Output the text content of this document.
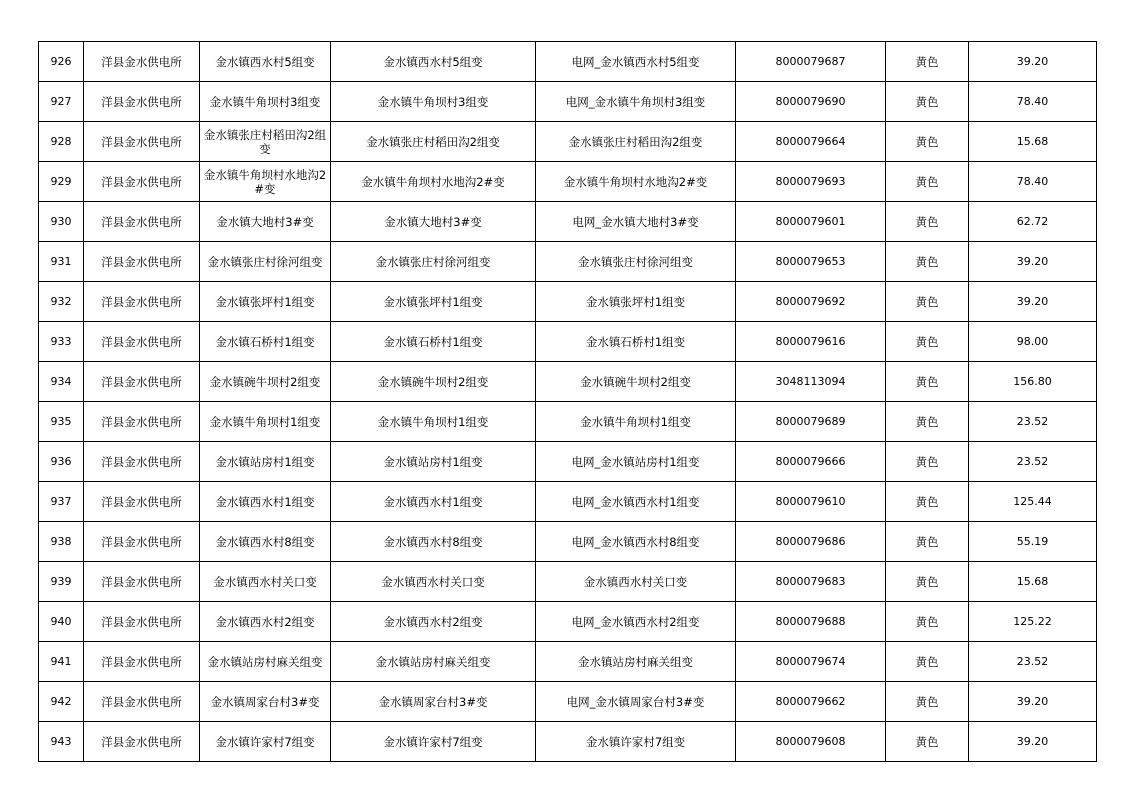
926	洋县金水供电所	金水镇西水村5组变	金水镇西水村5组变	电网_金水镇西水村5组变	8000079687	黄色	39.20
927	洋县金水供电所	金水镇牛角坝村3组变	金水镇牛角坝村3组变	电网_金水镇牛角坝村3组变	8000079690	黄色	78.40
928	洋县金水供电所	金水镇张庄村稻田沟2组变	金水镇张庄村稻田沟2组变	金水镇张庄村稻田沟2组变	8000079664	黄色	15.68
929	洋县金水供电所	金水镇牛角坝村水地沟2#变	金水镇牛角坝村水地沟2#变	金水镇牛角坝村水地沟2#变	8000079693	黄色	78.40
930	洋县金水供电所	金水镇大地村3#变	金水镇大地村3#变	电网_金水镇大地村3#变	8000079601	黄色	62.72
931	洋县金水供电所	金水镇张庄村徐河组变	金水镇张庄村徐河组变	金水镇张庄村徐河组变	8000079653	黄色	39.20
932	洋县金水供电所	金水镇张坪村1组变	金水镇张坪村1组变	金水镇张坪村1组变	8000079692	黄色	39.20
933	洋县金水供电所	金水镇石桥村1组变	金水镇石桥村1组变	金水镇石桥村1组变	8000079616	黄色	98.00
934	洋县金水供电所	金水镇碗牛坝村2组变	金水镇碗牛坝村2组变	金水镇碗牛坝村2组变	3048113094	黄色	156.80
935	洋县金水供电所	金水镇牛角坝村1组变	金水镇牛角坝村1组变	金水镇牛角坝村1组变	8000079689	黄色	23.52
936	洋县金水供电所	金水镇站房村1组变	金水镇站房村1组变	电网_金水镇站房村1组变	8000079666	黄色	23.52
937	洋县金水供电所	金水镇西水村1组变	金水镇西水村1组变	电网_金水镇西水村1组变	8000079610	黄色	125.44
938	洋县金水供电所	金水镇西水村8组变	金水镇西水村8组变	电网_金水镇西水村8组变	8000079686	黄色	55.19
939	洋县金水供电所	金水镇西水村关口变	金水镇西水村关口变	金水镇西水村关口变	8000079683	黄色	15.68
940	洋县金水供电所	金水镇西水村2组变	金水镇西水村2组变	电网_金水镇西水村2组变	8000079688	黄色	125.22
941	洋县金水供电所	金水镇站房村麻关组变	金水镇站房村麻关组变	金水镇站房村麻关组变	8000079674	黄色	23.52
942	洋县金水供电所	金水镇周家台村3#变	金水镇周家台村3#变	电网_金水镇周家台村3#变	8000079662	黄色	39.20
943	洋县金水供电所	金水镇许家村7组变	金水镇许家村7组变	金水镇许家村7组变	8000079608	黄色	39.20
